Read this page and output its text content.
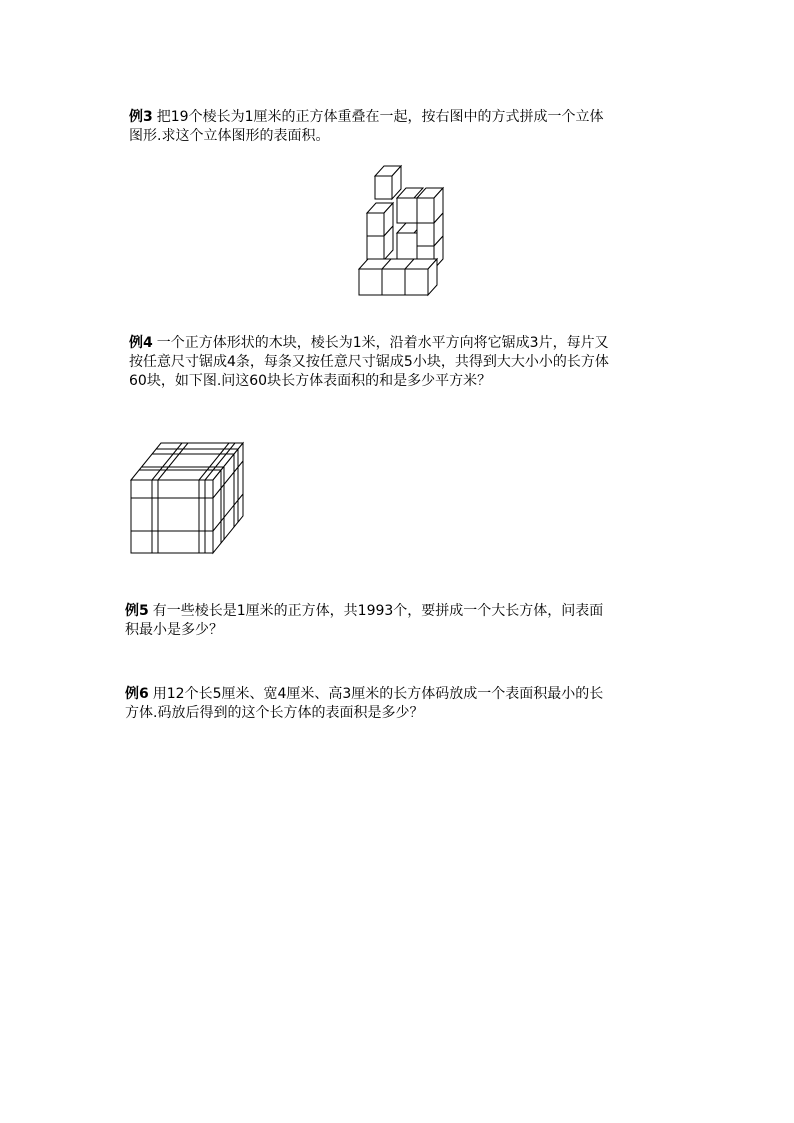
例3 把19个棱长为1厘米的正方体重叠在一起，按右图中的方式拼成一个立体
图形.求这个立体图形的表面积。
例4 一个正方体形状的木块，棱长为1米，沿着水平方向将它锯成3片，每片又
按任意尺寸锯成4条，每条又按任意尺寸锯成5小块，共得到大大小小的长方体
60块，如下图.问这60块长方体表面积的和是多少平方米？
例5 有一些棱长是1厘米的正方体，共1993个，要拼成一个大长方体，问表面
积最小是多少？
例6 用12个长5厘米、宽4厘米、高3厘米的长方体码放成一个表面积最小的长
方体.码放后得到的这个长方体的表面积是多少？
